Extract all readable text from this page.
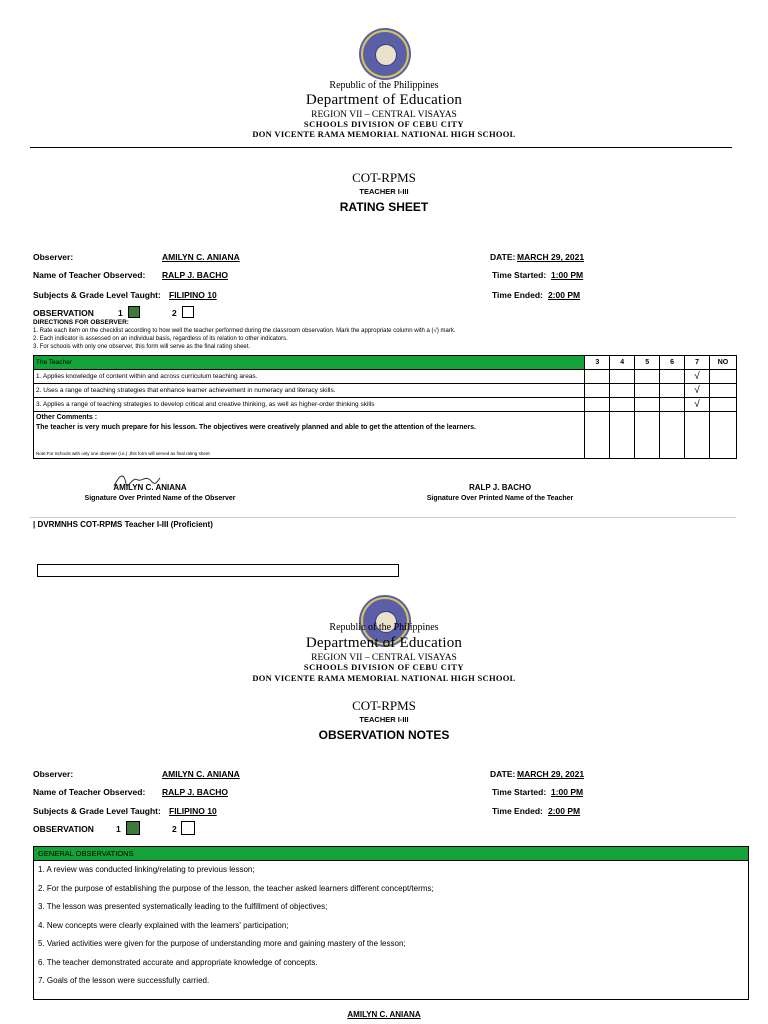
Republic of the Philippines
Department of Education
REGION VII – CENTRAL VISAYAS
SCHOOLS DIVISION OF CEBU CITY
DON VICENTE RAMA MEMORIAL NATIONAL HIGH SCHOOL
COT-RPMS
TEACHER I-III
RATING SHEET
Observer:	AMILYN C. ANIANA
Name of Teacher Observed: RALP J. BACHO
Subjects & Grade Level Taught: FILIPINO 10
DATE: MARCH 29, 2021
Time Started: 1:00 PM
Time Ended: 2:00 PM
OBSERVATION	1	2
DIRECTIONS FOR OBSERVER:
1. Rate each item on the checklist according to how well the teacher performed during the classroom observation. Mark the appropriate column with a (√) mark.
2. Each indicator is assessed on an individual basis, regardless of its relation to other indicators.
3. For schools with only one observer, this form will serve as the final rating sheet.
The Teacher	3	4	5	6	7	NO
1. Applies knowledge of content within and across curriculum teaching areas.					√	
2. Uses a range of teaching strategies that enhance learner achievement in numeracy and literacy skills.					√	
3. Applies a range of teaching strategies to develop critical and creative thinking, as well as higher-order thinking skills					√	

Other Comments :
The teacher is very much prepare for his lesson. The objectives were creatively planned and able to get the attention of the learners.
Note:For Schools with only one observer (i.e.) ,this form will served as final rating sheet.						

AMILYN C. ANIANA
Signature Over Printed Name of the Observer
RALP J. BACHO
Signature Over Printed Name of the Teacher
| DVRMNHS COT-RPMS Teacher I-III (Proficient)
Republic of the Philippines
Department of Education
REGION VII – CENTRAL VISAYAS
SCHOOLS DIVISION OF CEBU CITY
DON VICENTE RAMA MEMORIAL NATIONAL HIGH SCHOOL
COT-RPMS
TEACHER I-III
OBSERVATION NOTES
Observer:	AMILYN C. ANIANA
Name of Teacher Observed: RALP J. BACHO
Subjects & Grade Level Taught: FILIPINO 10
DATE: MARCH 29, 2021
Time Started: 1:00 PM
Time Ended: 2:00 PM
OBSERVATION	1	2
GENERAL OBSERVATIONS
1. A review was conducted linking/relating to previous lesson;
2. For the purpose of establishing the purpose of the lesson, the teacher asked learners different concept/terms;
3. The lesson was presented systematically leading to the fulfillment of objectives;
4. New concepts were clearly explained with the learners' participation;
5. Varied activities were given for the purpose of understanding more and gaining mastery of the lesson;
6. The teacher demonstrated accurate and appropriate knowledge of concepts.
7. Goals of the lesson were successfully carried.
AMILYN C. ANIANA
